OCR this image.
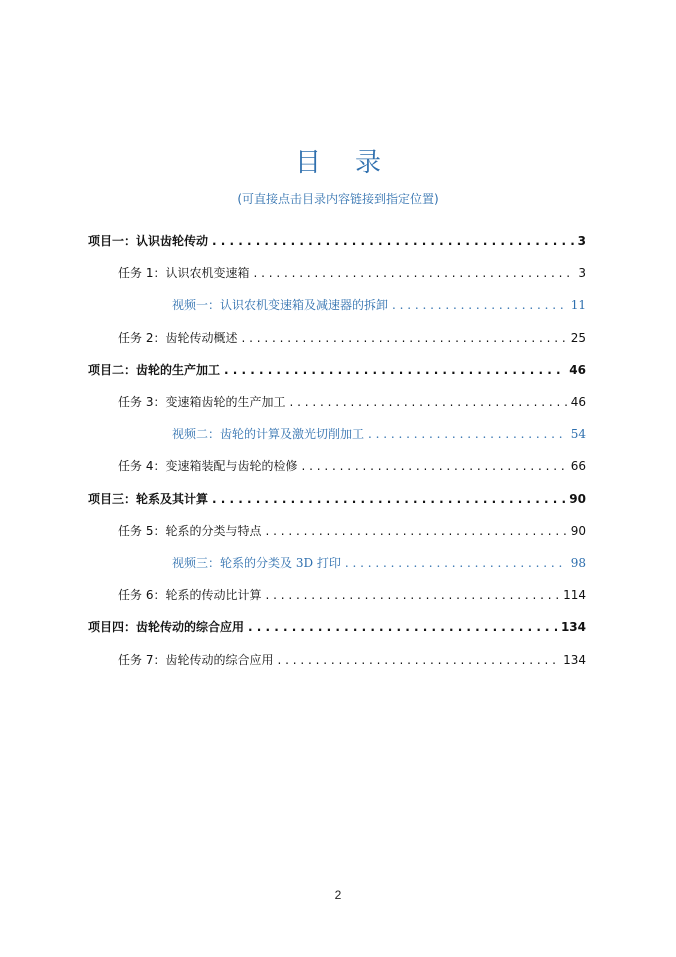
目录
(可直接点击目录内容链接到指定位置)
项目一：认识齿轮传动 . . .	3
任务 1：认识农机变速箱 . . .	3
视频一：认识农机变速箱及减速器的拆卸 . . .	11
任务 2：齿轮传动概述 . . .	25
项目二：齿轮的生产加工 . . .	46
任务 3：变速箱齿轮的生产加工 . . .	46
视频二：齿轮的计算及激光切削加工 . . .	54
任务 4：变速箱装配与齿轮的检修 . . .	66
项目三：轮系及其计算 . . .	90
任务 5：轮系的分类与特点 . . .	90
视频三：轮系的分类及 3D 打印 . . .	98
任务 6：轮系的传动比计算 . . .	114
项目四：齿轮传动的综合应用 . . .	134
任务 7：齿轮传动的综合应用 . . .	134
2
